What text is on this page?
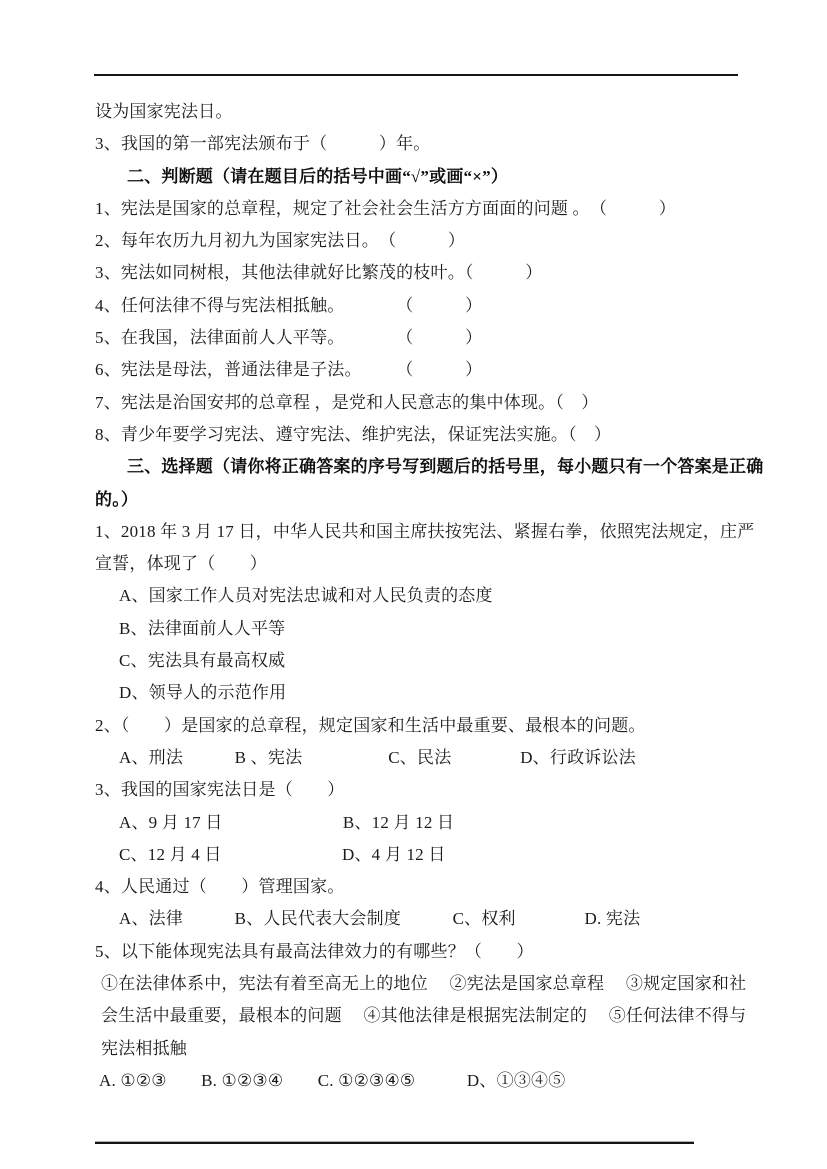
设为国家宪法日。
3、我国的第一部宪法颁布于（　　　）年。
二、判断题（请在题目后的括号中画“√”或画“×”）
1、宪法是国家的总章程，规定了社会社会生活方方面面的问题 。　（　　　）
2、每年农历九月初九为国家宪法日。　（　　　）
3、宪法如同树根，其他法律就好比繁茂的枝叶。（　　　）
4、任何法律不得与宪法相抵触。　　　　（　　　）
5、在我国，法律面前人人平等。　　　　（　　　）
6、宪法是母法，普通法律是子法。　　　（　　　）
7、宪法是治国安邦的总章程 ，是党和人民意志的集中体现。（　）
8、青少年要学习宪法、遵守宪法、维护宪法，保证宪法实施。（　）
三、选择题（请你将正确答案的序号写到题后的括号里，每小题只有一个答案是正确
的。）
1、2018 年 3 月 17 日，中华人民共和国主席扶按宪法、紧握右拳，依照宪法规定，庄严
宣誓，体现了（　　）
A、国家工作人员对宪法忠诚和对人民负责的态度
B、法律面前人人平等
C、宪法具有最高权威
D、领导人的示范作用
2、（　　）是国家的总章程，规定国家和生活中最重要、最根本的问题。
A、刑法　　　B 、宪法　　　　　C、民法　　　　D、行政诉讼法
3、我国的国家宪法日是（　　）
A、9 月 17 日　　　　　　　B、12 月 12 日
C、12 月 4 日　　　　　　　D、4 月 12 日
4、人民通过（　　）管理国家。
A、法律　　　B、人民代表大会制度　　　C、权利　　　　D. 宪法
5、以下能体现宪法具有最高法律效力的有哪些？（　　）
①在法律体系中，宪法有着至高无上的地位　 ②宪法是国家总章程　 ③规定国家和社
会生活中最重要，最根本的问题　 ④其他法律是根据宪法制定的　 ⑤任何法律不得与
宪法相抵触
A. ①②③　　B. ①②③④　　C. ①②③④⑤　　　D、①③④⑤
